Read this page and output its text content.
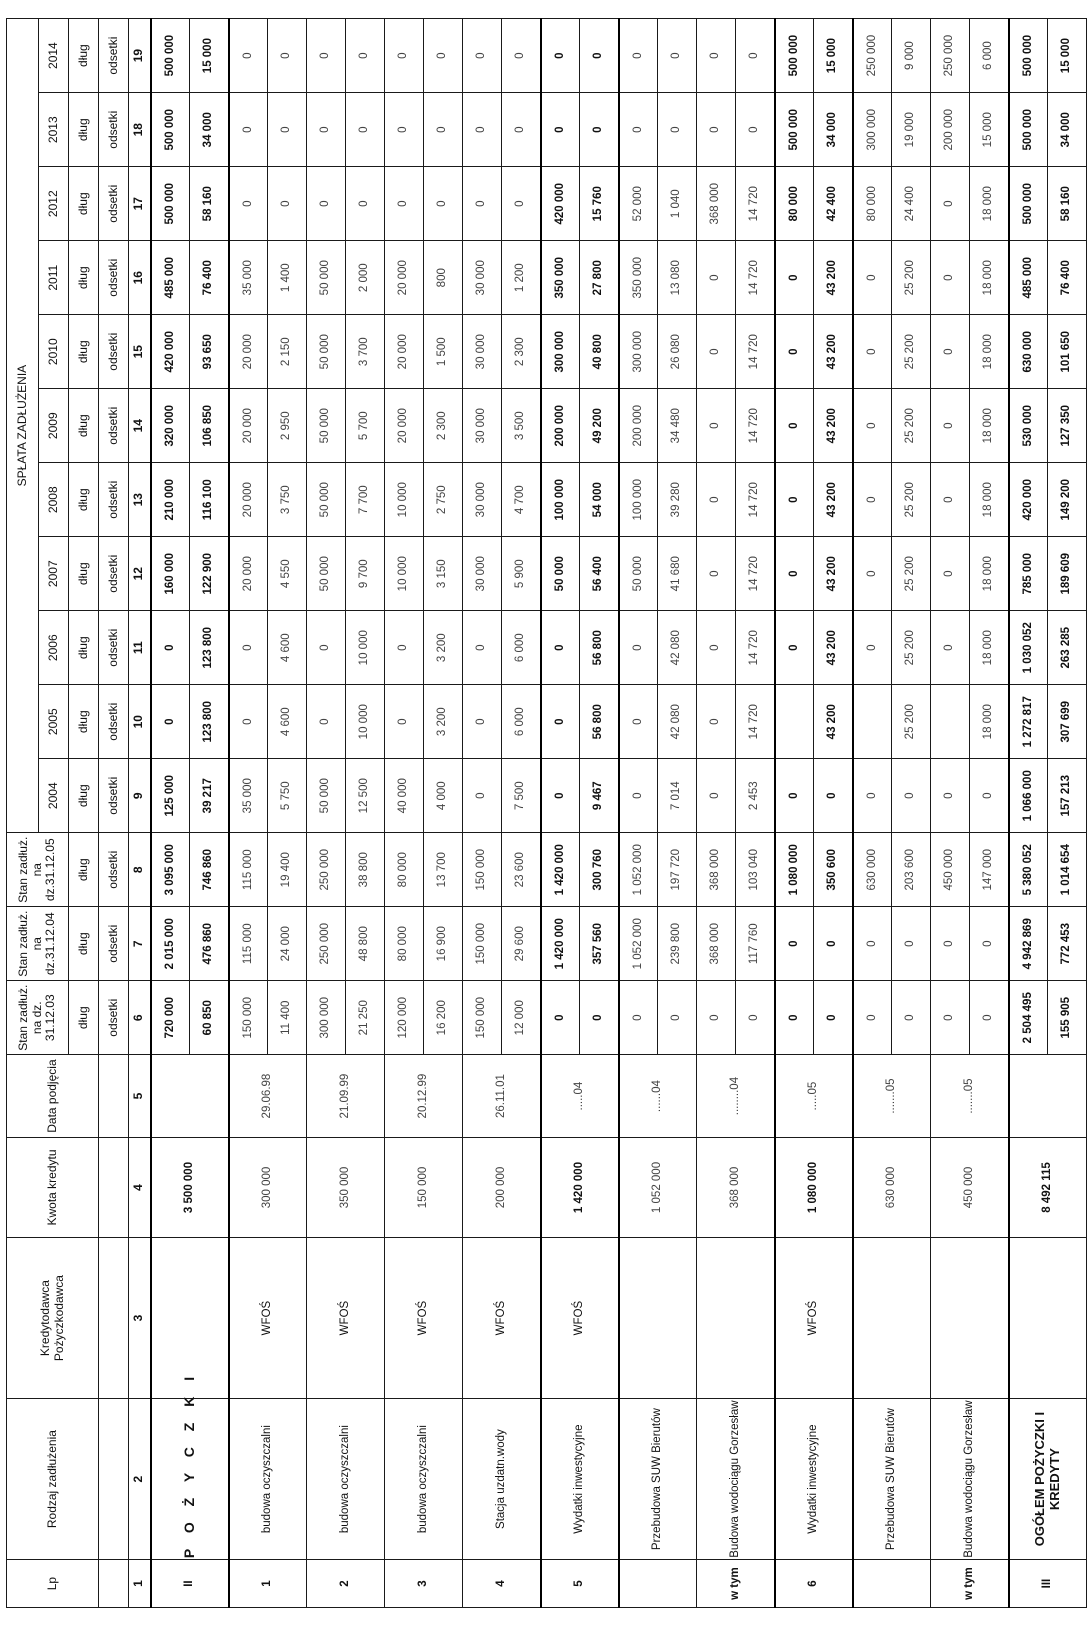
Lp	Rodzaj zadłużenia	Kredytodawca Pożyczkodawca	Kwota kredytu	Data podjęcia	Stan zadłuż. na dz. 31.12.03	Stan zadłuż. na dz.31.12.04	Stan zadłuż. na dz.31.12.05	SPŁATA ZADŁUŻENIA										
								2004	2005	2006	2007	2008	2009	2010	2011	2012	2013	2014
					dług	dług	dług	dług	dług	dług	dług	dług	dług	dług	dług	dług	dług	dług
					odsetki	odsetki	odsetki	odsetki	odsetki	odsetki	odsetki	odsetki	odsetki	odsetki	odsetki	odsetki	odsetki	odsetki
1	2	3	4	5	6	7	8	9	10	11	12	13	14	15	16	17	18	19
II	P O Ż Y C Z K I		3 500 000		720 000	2 015 000	3 095 000	125 000	0	0	160 000	210 000	320 000	420 000	485 000	500 000	500 000	500 000
					60 850	476 860	746 860	39 217	123 800	123 800	122 900	116 100	106 850	93 650	76 400	58 160	34 000	15 000
1	budowa oczyszczalni	WFOŚ	300 000	29.06.98	150 000	115 000	115 000	35 000	0	0	20 000	20 000	20 000	20 000	35 000	0	0	0
					11 400	24 000	19 400	5 750	4 600	4 600	4 550	3 750	2 950	2 150	1 400	0	0	0
2	budowa oczyszczalni	WFOŚ	350 000	21.09.99	300 000	250 000	250 000	50 000	0	0	50 000	50 000	50 000	50 000	50 000	0	0	0
					21 250	48 800	38 800	12 500	10 000	10 000	9 700	7 700	5 700	3 700	2 000	0	0	0
3	budowa oczyszczalni	WFOŚ	150 000	20.12.99	120 000	80 000	80 000	40 000	0	0	10 000	10 000	20 000	20 000	20 000	0	0	0
					16 200	16 900	13 700	4 000	3 200	3 200	3 150	2 750	2 300	1 500	800	0	0	0
4	Stacja uzdatn.wody	WFOŚ	200 000	26.11.01	150 000	150 000	150 000	0	0	0	30 000	30 000	30 000	30 000	30 000	0	0	0
					12 000	29 600	23 600	7 500	6 000	6 000	5 900	4 700	3 500	2 300	1 200	0	0	0
5	Wydatki inwestycyjne	WFOŚ	1 420 000	.....04	0	1 420 000	1 420 000	0	0	0	50 000	100 000	200 000	300 000	350 000	420 000	0	0
					0	357 560	300 760	9 467	56 800	56 800	56 400	54 000	49 200	40 800	27 800	15 760	0	0
	Przebudowa SUW Bierutów		1 052 000	......04	0	1 052 000	1 052 000	0	0	0	50 000	100 000	200 000	300 000	350 000	52 000	0	0
					0	239 800	197 720	7 014	42 080	42 080	41 680	39 280	34 480	26 080	13 080	1 040	0	0
w tym	Budowa wodociągu Gorzesław		368 000	........04	0	368 000	368 000	0	0	0	0	0	0	0	0	368 000	0	0
					0	117 760	103 040	2 453	14 720	14 720	14 720	14 720	14 720	14 720	14 720	14 720	0	0
6	Wydatki inwestycyjne	WFOŚ	1 080 000	.....05	0	0	1 080 000	0		0	0	0	0	0	0	80 000	500 000	500 000
					0	0	350 600	0	43 200	43 200	43 200	43 200	43 200	43 200	43 200	42 400	34 000	15 000
	Przebudowa SUW Bierutów		630 000	.......05	0	0	630 000	0		0	0	0	0	0	0	80 000	300 000	250 000
					0	0	203 600	0	25 200	25 200	25 200	25 200	25 200	25 200	25 200	24 400	19 000	9 000
w tym	Budowa wodociągu Gorzesław		450 000	.......05	0	0	450 000	0		0	0	0	0	0	0	0	200 000	250 000
					0	0	147 000	0	18 000	18 000	18 000	18 000	18 000	18 000	18 000	18 000	15 000	6 000
III	OGÓŁEM POŻYCZKI I KREDYTY		8 492 115		2 504 495	4 942 869	5 380 052	1 066 000	1 272 817	1 030 052	785 000	420 000	530 000	630 000	485 000	500 000	500 000	500 000
					155 905	772 453	1 014 654	157 213	307 699	263 285	189 609	149 200	127 350	101 650	76 400	58 160	34 000	15 000
